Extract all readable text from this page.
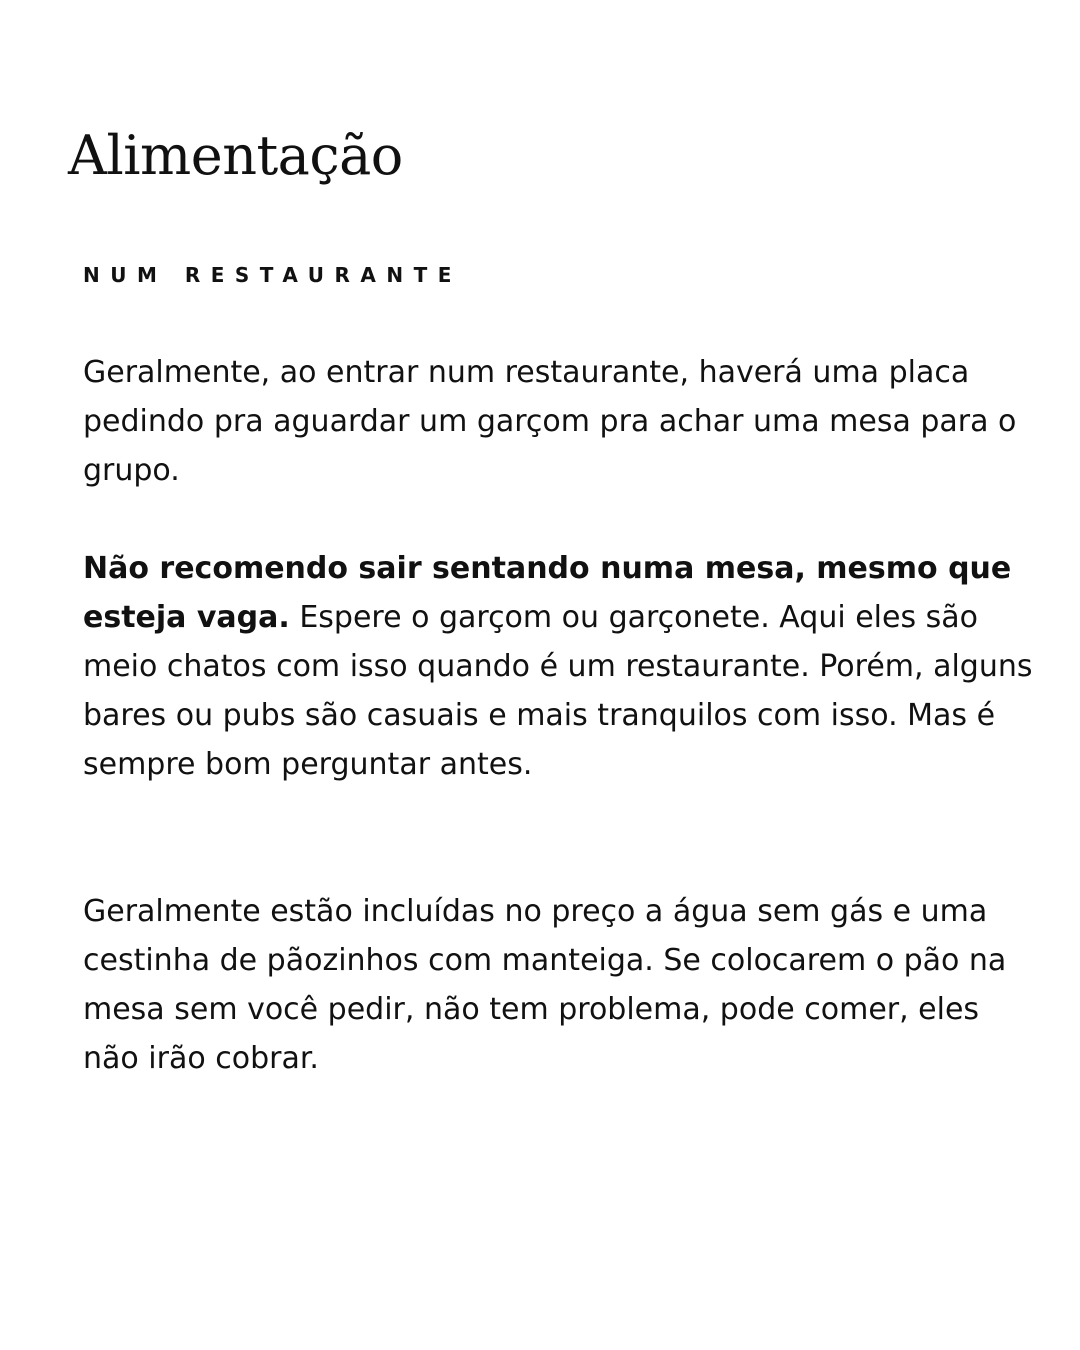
Alimentação
NUM RESTAURANTE

Geralmente, ao entrar num restaurante, haverá uma placa pedindo pra aguardar um garçom pra achar uma mesa para o grupo.

Não recomendo sair sentando numa mesa, mesmo que esteja vaga. Espere o garçom ou garçonete. Aqui eles são meio chatos com isso quando é um restaurante. Porém, alguns bares ou pubs são casuais e mais tranquilos com isso. Mas é sempre bom perguntar antes.

Geralmente estão incluídas no preço a água sem gás e uma cestinha de pãozinhos com manteiga. Se colocarem o pão na mesa sem você pedir, não tem problema, pode comer, eles não irão cobrar.
